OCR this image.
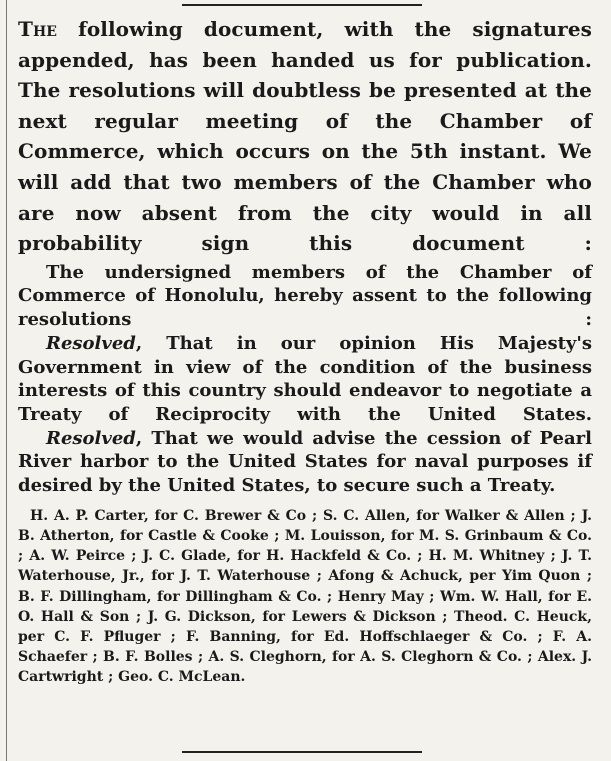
The following document, with the signatures appended, has been handed us for publication. The resolutions will doubtless be presented at the next regular meeting of the Chamber of Commerce, which occurs on the 5th instant. We will add that two members of the Chamber who are now absent from the city would in all probability sign this document :

The undersigned members of the Chamber of Commerce of Honolulu, hereby assent to the following resolutions :

Resolved, That in our opinion His Majesty's Government in view of the condition of the business interests of this country should endeavor to negotiate a Treaty of Reciprocity with the United States.

Resolved, That we would advise the cession of Pearl River harbor to the United States for naval purposes if desired by the United States, to secure such a Treaty.

H. A. P. Carter, for C. Brewer & Co ; S. C. Allen, for Walker & Allen ; J. B. Atherton, for Castle & Cooke ; M. Louisson, for M. S. Grinbaum & Co. ; A. W. Peirce ; J. C. Glade, for H. Hackfeld & Co. ; H. M. Whitney ; J. T. Waterhouse, Jr., for J. T. Waterhouse ; Afong & Achuck, per Yim Quon ; B. F. Dillingham, for Dillingham & Co. ; Henry May ; Wm. W. Hall, for E. O. Hall & Son ; J. G. Dickson, for Lewers & Dickson ; Theod. C. Heuck, per C. F. Pfluger ; F. Banning, for Ed. Hoffschlaeger & Co. ; F. A. Schaefer ; B. F. Bolles ; A. S. Cleghorn, for A. S. Cleghorn & Co. ; Alex. J. Cartwright ; Geo. C. McLean.
